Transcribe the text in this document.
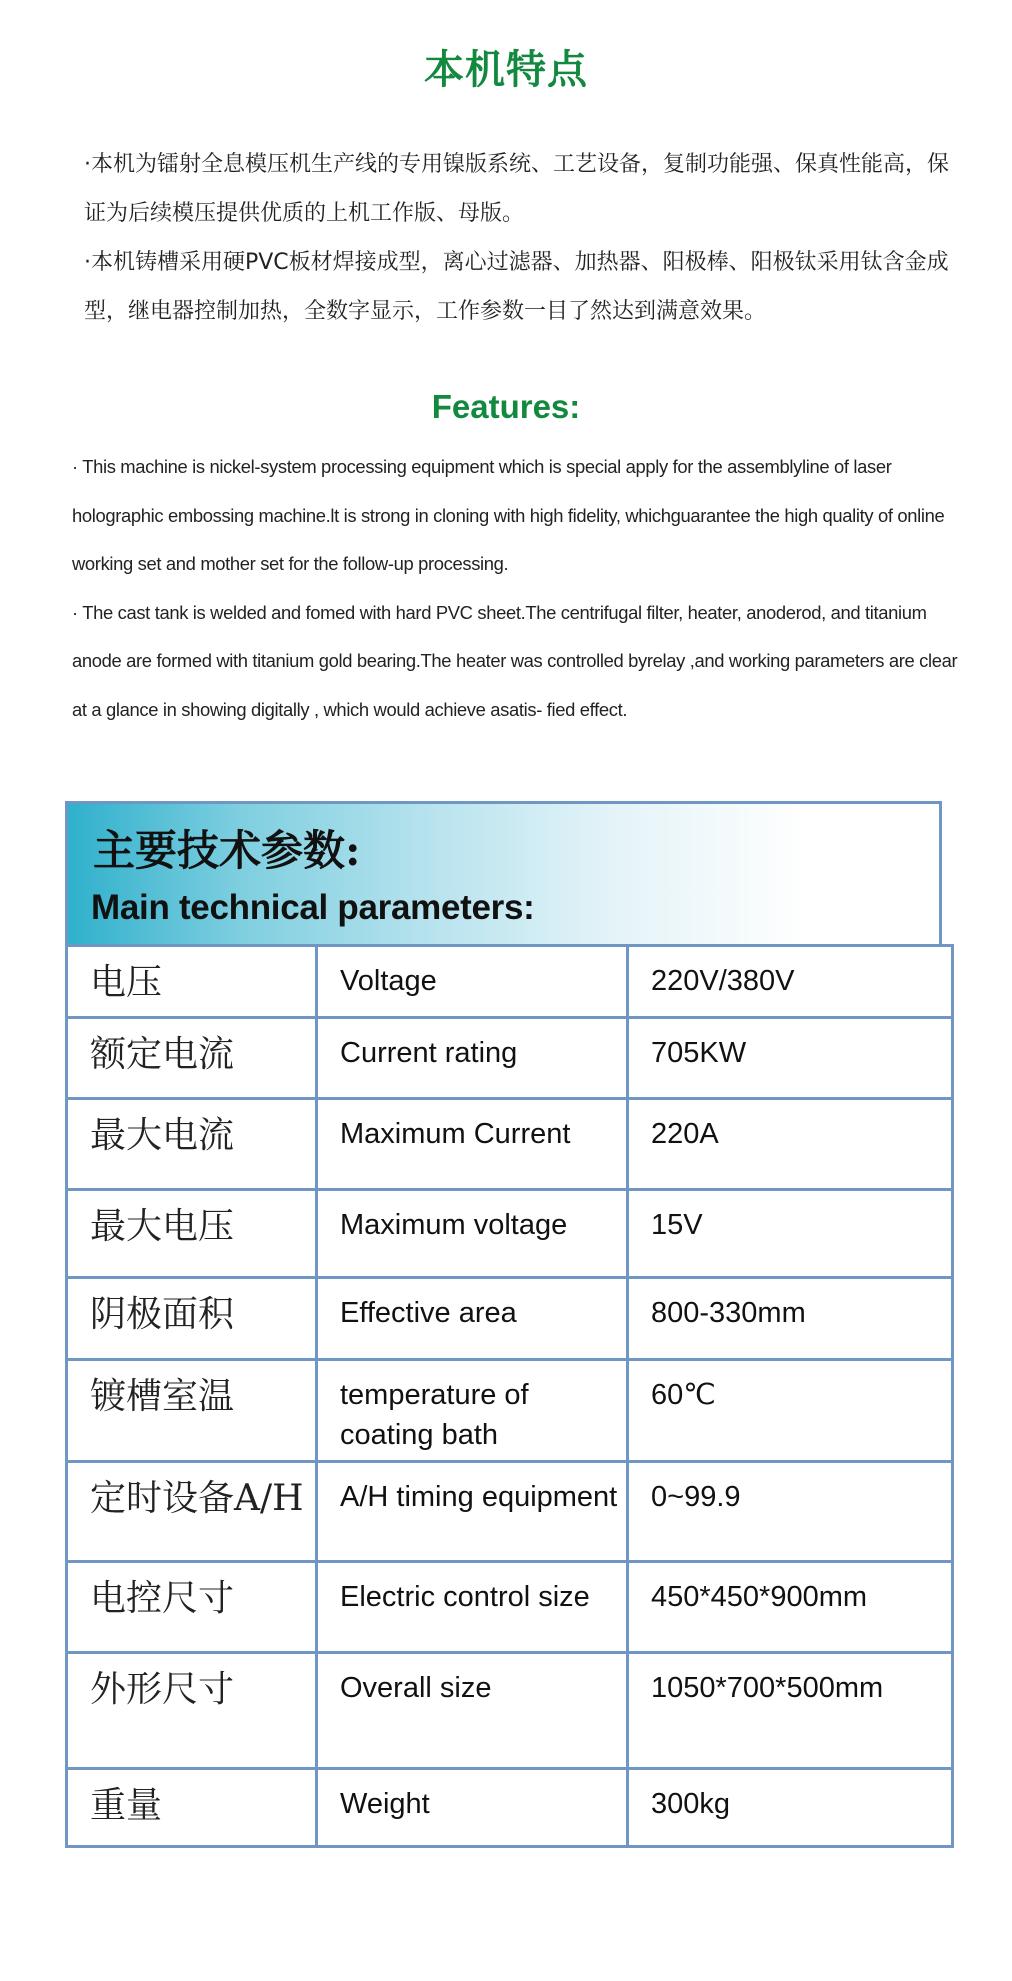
本机特点

·本机为镭射全息模压机生产线的专用镍版系统、工艺设备，复制功能强、保真性能高，保证为后续模压提供优质的上机工作版、母版。

·本机铸槽采用硬PVC板材焊接成型，离心过滤器、加热器、阳极棒、阳极钛采用钛含金成型，继电器控制加热，全数字显示，工作参数一目了然达到满意效果。

Features:

· This machine is nickel-system processing equipment which is special apply for the assemblyline of laser holographic embossing machine.lt is strong in cloning with high fidelity, whichguarantee the high quality of online working set and mother set for the follow-up processing.

· The cast tank is welded and fomed with hard PVC sheet.The centrifugal filter, heater, anoderod, and titanium anode are formed with titanium gold bearing.The heater was controlled byrelay ,and working parameters are clear at a glance in showing digitally , which would achieve asatis- fied effect.

主要技术参数:
Main technical parameters:
电压	Voltage	220V/380V

额定电流	Current rating	705KW

最大电流	Maximum Current	220A

最大电压	Maximum voltage	15V

阴极面积	Effective area	800-330mm

镀槽室温	temperature of coating bath	60℃

定时设备A/H	A/H timing equipment	0~99.9

电控尺寸	Electric control size	450*450*900mm

外形尺寸	Overall size	1050*700*500mm

重量	Weight	300kg
